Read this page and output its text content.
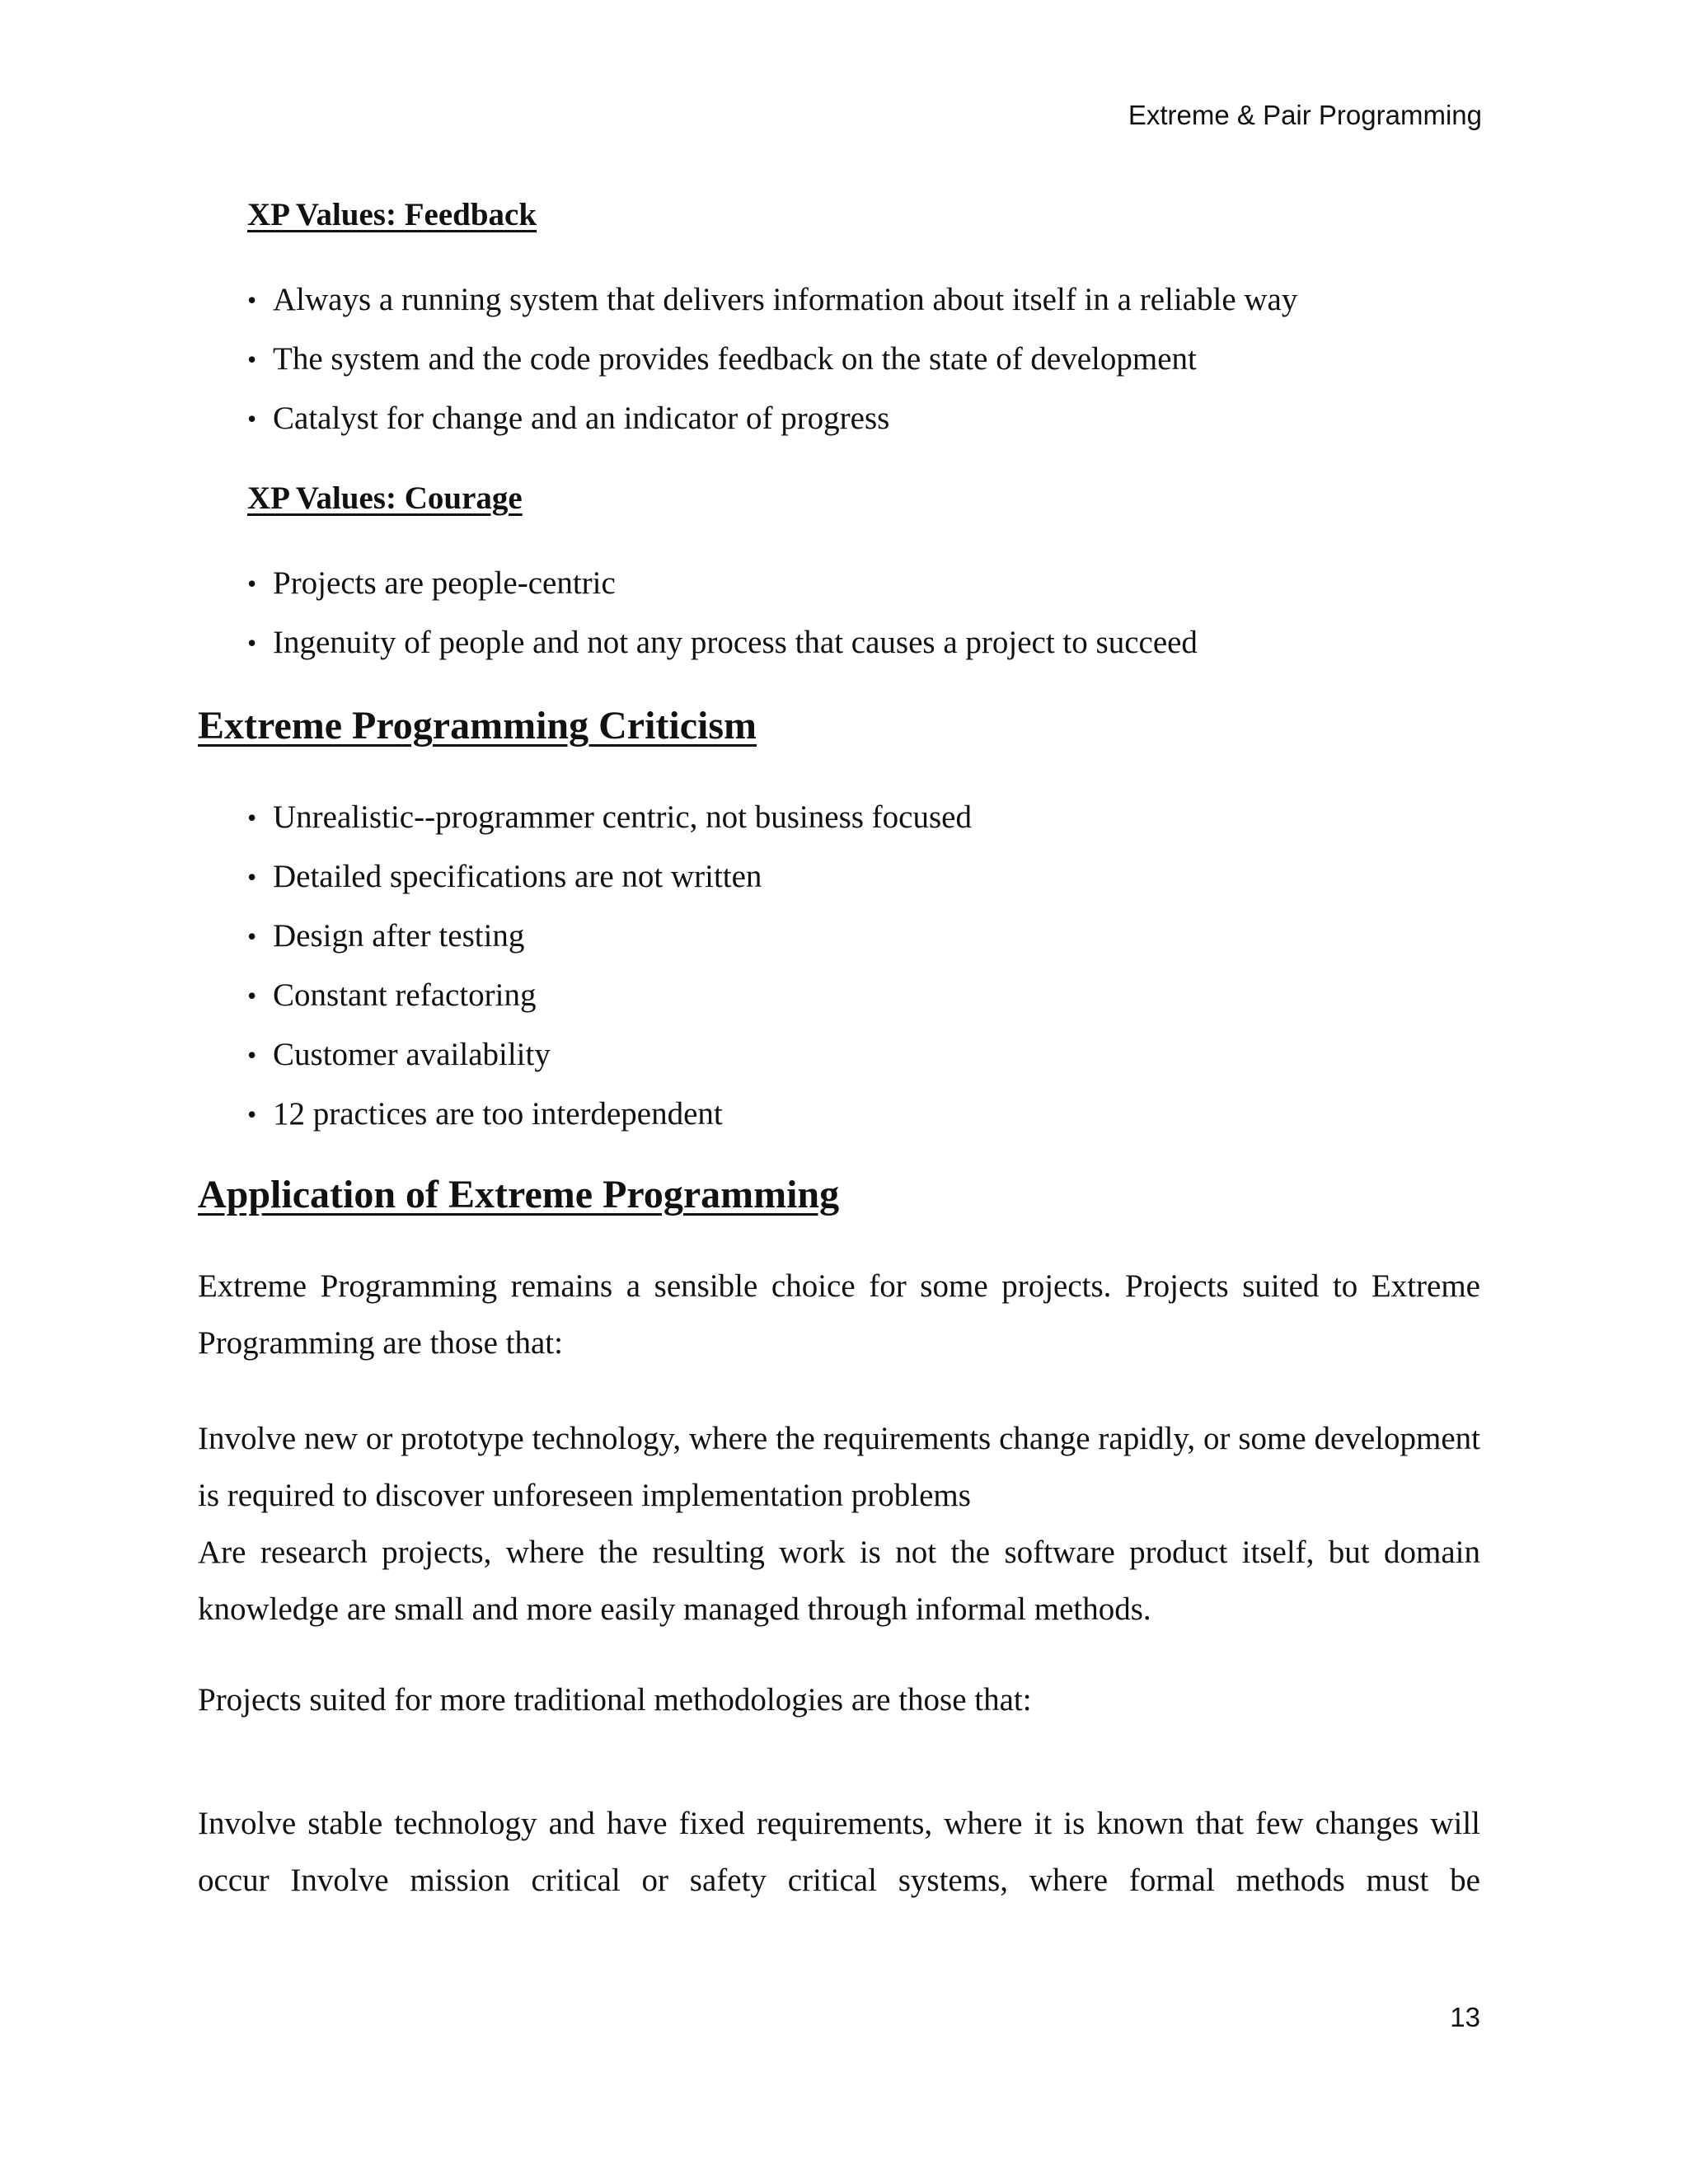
Extreme & Pair Programming

XP Values: Feedback
• Always a running system that delivers information about itself in a reliable way
• The system and the code provides feedback on the state of development
• Catalyst for change and an indicator of progress
XP Values: Courage
• Projects are people-centric
• Ingenuity of people and not any process that causes a project to succeed
Extreme Programming Criticism
• Unrealistic--programmer centric, not business focused
• Detailed specifications are not written
• Design after testing
• Constant refactoring
• Customer availability
• 12 practices are too interdependent
Application of Extreme Programming

Extreme Programming remains a sensible choice for some projects. Projects suited to Extreme Programming are those that:

Involve new or prototype technology, where the requirements change rapidly, or some development is required to discover unforeseen implementation problems

Are research projects, where the resulting work is not the software product itself, but domain knowledge are small and more easily managed through informal methods.

Projects suited for more traditional methodologies are those that:

Involve stable technology and have fixed requirements, where it is known that few changes will occur Involve mission critical or safety critical systems, where formal methods must be

13
